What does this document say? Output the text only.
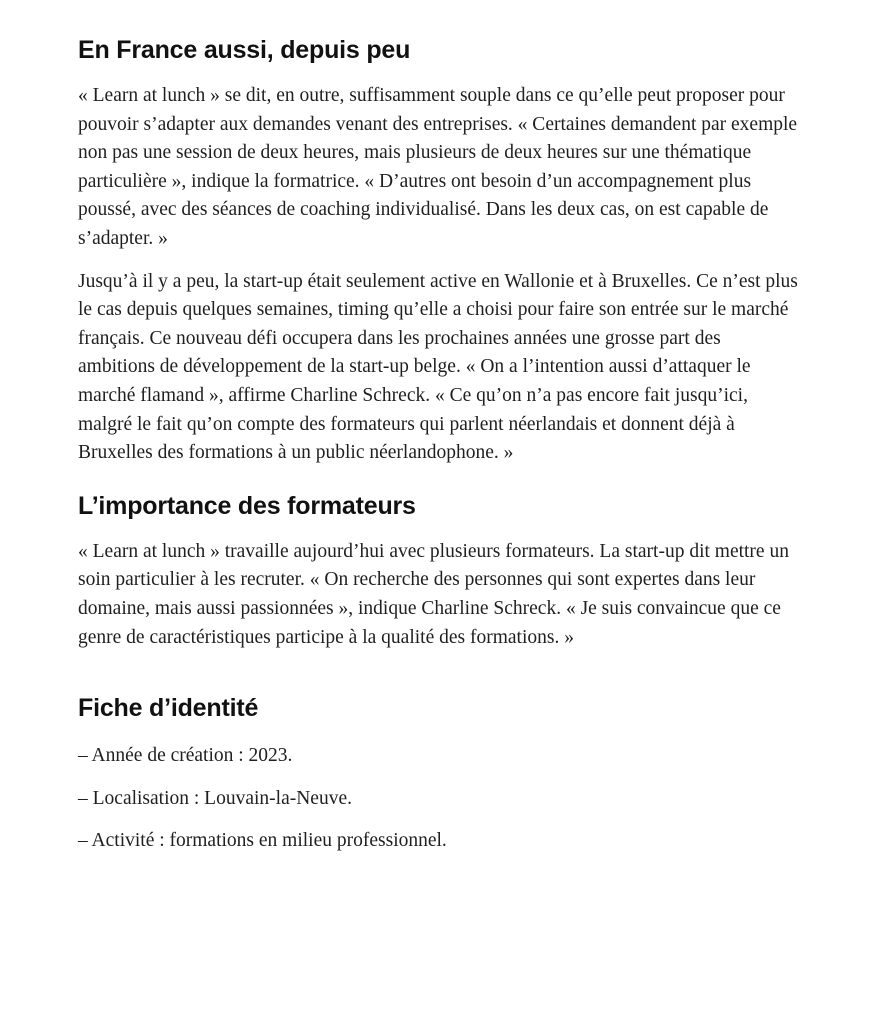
En France aussi, depuis peu

« Learn at lunch » se dit, en outre, suffisamment souple dans ce qu’elle peut proposer pour pouvoir s’adapter aux demandes venant des entreprises. « Certaines demandent par exemple non pas une session de deux heures, mais plusieurs de deux heures sur une thématique particulière », indique la formatrice. « D’autres ont besoin d’un accompagnement plus poussé, avec des séances de coaching individualisé. Dans les deux cas, on est capable de s’adapter. »

Jusqu’à il y a peu, la start-up était seulement active en Wallonie et à Bruxelles. Ce n’est plus le cas depuis quelques semaines, timing qu’elle a choisi pour faire son entrée sur le marché français. Ce nouveau défi occupera dans les prochaines années une grosse part des ambitions de développement de la start-up belge. « On a l’intention aussi d’attaquer le marché flamand », affirme Charline Schreck. « Ce qu’on n’a pas encore fait jusqu’ici, malgré le fait qu’on compte des formateurs qui parlent néerlandais et donnent déjà à Bruxelles des formations à un public néerlandophone. »

L’importance des formateurs

« Learn at lunch » travaille aujourd’hui avec plusieurs formateurs. La start-up dit mettre un soin particulier à les recruter. « On recherche des personnes qui sont expertes dans leur domaine, mais aussi passionnées », indique Charline Schreck. « Je suis convaincue que ce genre de caractéristiques participe à la qualité des formations. »

Fiche d’identité

– Année de création : 2023.

– Localisation : Louvain-la-Neuve.

– Activité : formations en milieu professionnel.
